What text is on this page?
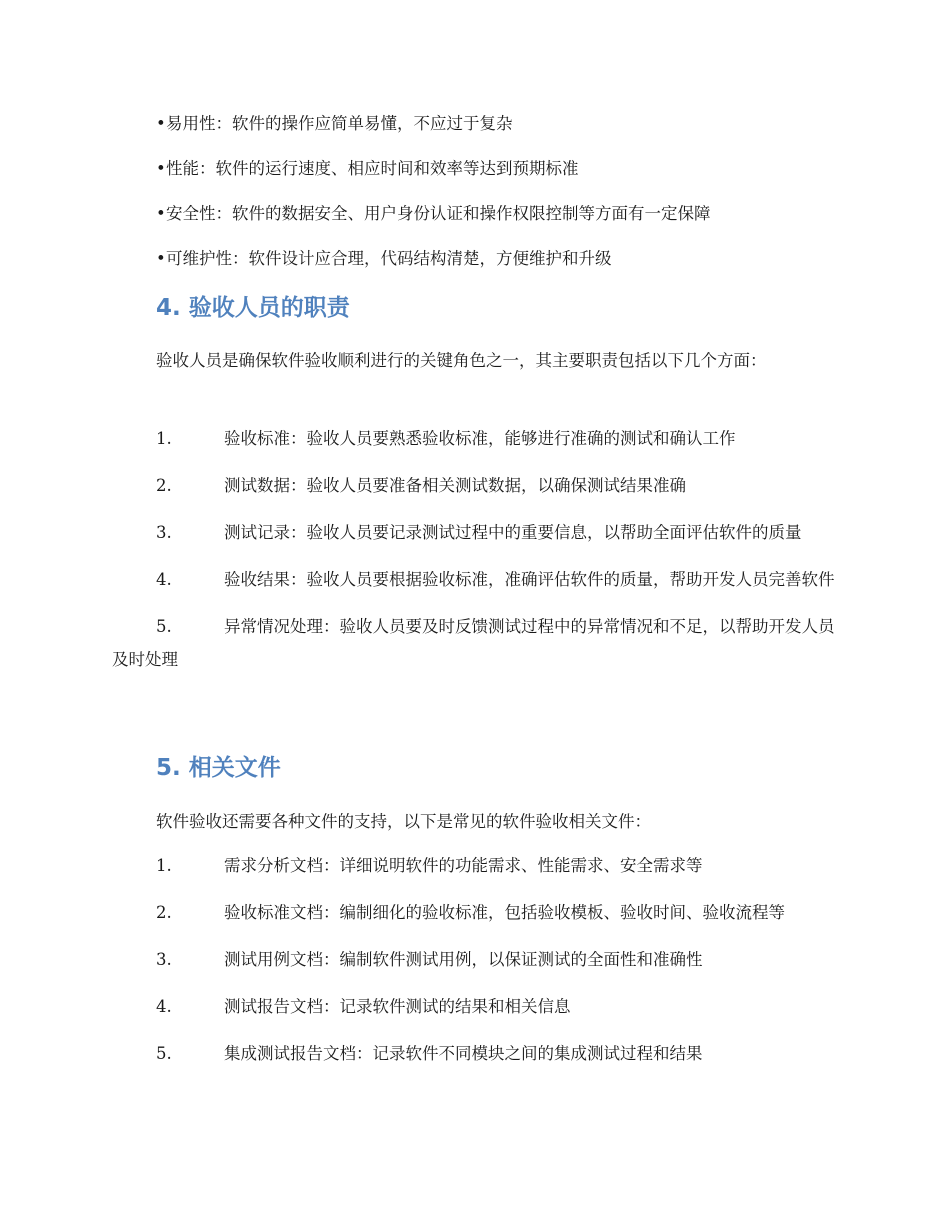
•易用性：软件的操作应简单易懂，不应过于复杂
•性能：软件的运行速度、相应时间和效率等达到预期标准
•安全性：软件的数据安全、用户身份认证和操作权限控制等方面有一定保障
•可维护性：软件设计应合理，代码结构清楚，方便维护和升级
4. 验收人员的职责
验收人员是确保软件验收顺利进行的关键角色之一，其主要职责包括以下几个方面：
1.	验收标准：验收人员要熟悉验收标准，能够进行准确的测试和确认工作
2.	测试数据：验收人员要准备相关测试数据，以确保测试结果准确
3.	测试记录：验收人员要记录测试过程中的重要信息，以帮助全面评估软件的质量
4.	验收结果：验收人员要根据验收标准，准确评估软件的质量，帮助开发人员完善软件
5.	异常情况处理：验收人员要及时反馈测试过程中的异常情况和不足，以帮助开发人员及时处理
5. 相关文件
软件验收还需要各种文件的支持，以下是常见的软件验收相关文件：
1.	需求分析文档：详细说明软件的功能需求、性能需求、安全需求等
2.	验收标准文档：编制细化的验收标准，包括验收模板、验收时间、验收流程等
3.	测试用例文档：编制软件测试用例，以保证测试的全面性和准确性
4.	测试报告文档：记录软件测试的结果和相关信息
5.	集成测试报告文档：记录软件不同模块之间的集成测试过程和结果
